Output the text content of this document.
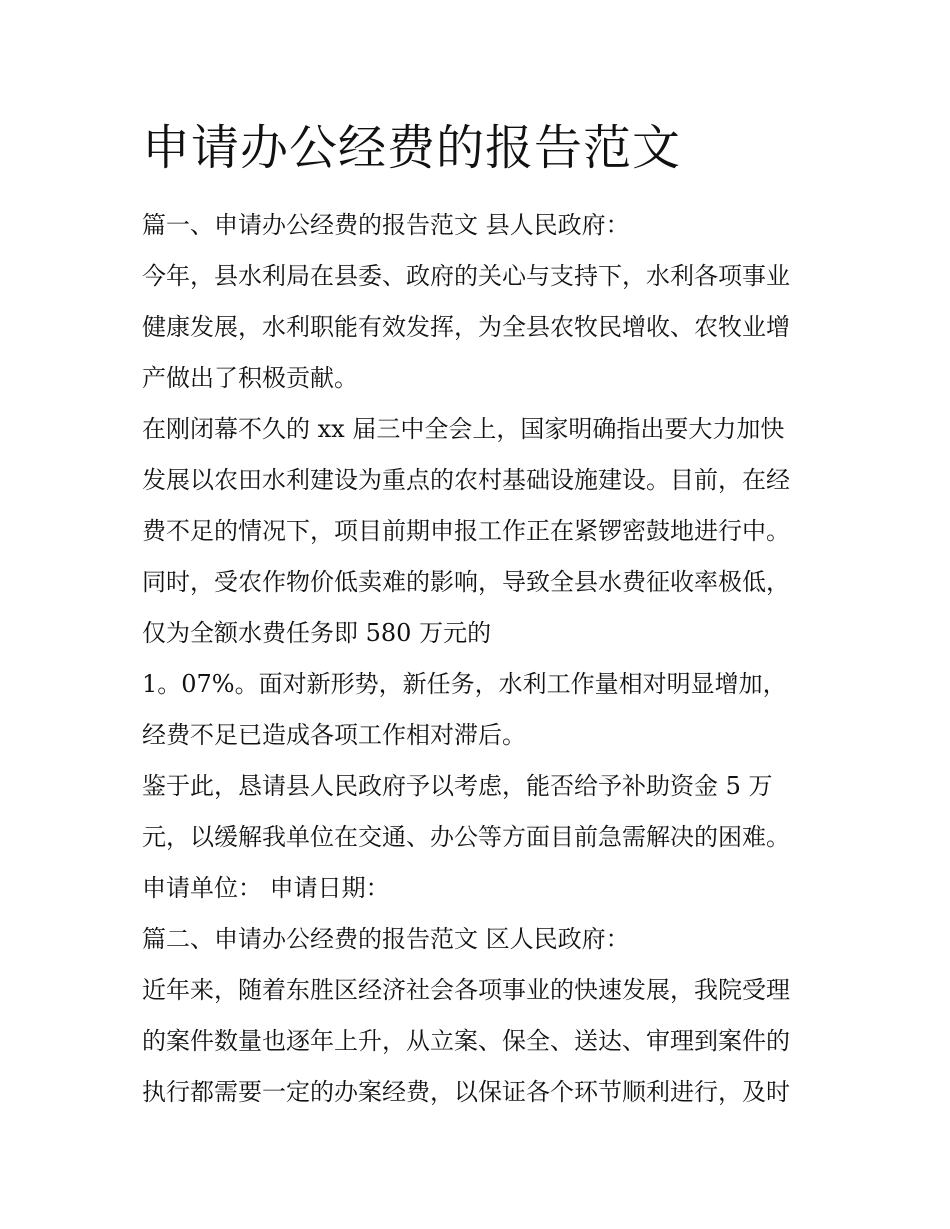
申请办公经费的报告范文

篇一、申请办公经费的报告范文 县人民政府：

今年，县水利局在县委、政府的关心与支持下，水利各项事业

健康发展，水利职能有效发挥，为全县农牧民增收、农牧业增

产做出了积极贡献。

在刚闭幕不久的 xx 届三中全会上，国家明确指出要大力加快

发展以农田水利建设为重点的农村基础设施建设。目前，在经

费不足的情况下，项目前期申报工作正在紧锣密鼓地进行中。

同时，受农作物价低卖难的影响，导致全县水费征收率极低，

仅为全额水费任务即 580 万元的

1。07%。面对新形势，新任务，水利工作量相对明显增加，

经费不足已造成各项工作相对滞后。

鉴于此，恳请县人民政府予以考虑，能否给予补助资金 5 万

元，以缓解我单位在交通、办公等方面目前急需解决的困难。

申请单位： 申请日期：

篇二、申请办公经费的报告范文 区人民政府：

近年来，随着东胜区经济社会各项事业的快速发展，我院受理

的案件数量也逐年上升，从立案、保全、送达、审理到案件的

执行都需要一定的办案经费，以保证各个环节顺利进行，及时
